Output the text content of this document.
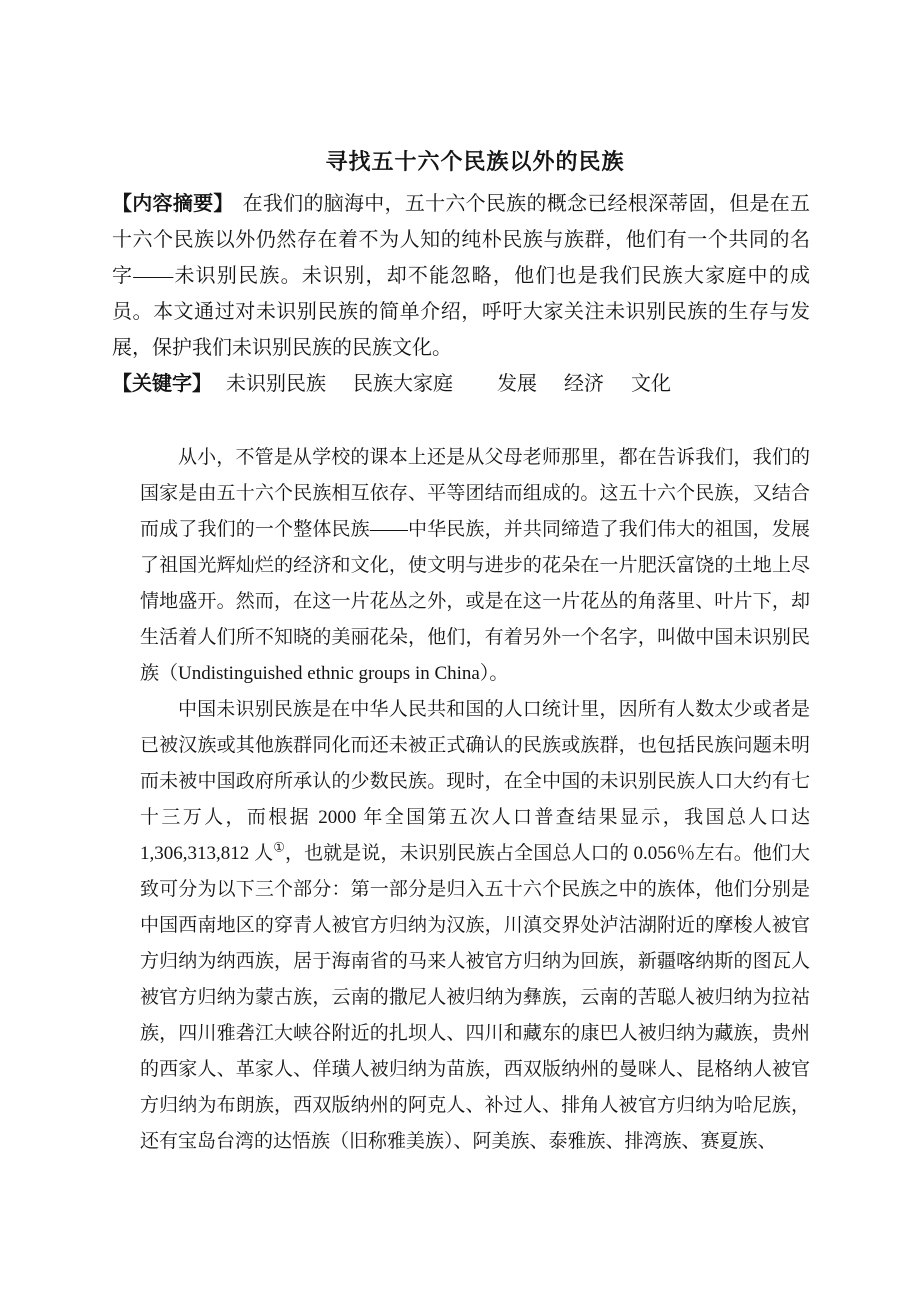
寻找五十六个民族以外的民族

【内容摘要】 在我们的脑海中，五十六个民族的概念已经根深蒂固，但是在五十六个民族以外仍然存在着不为人知的纯朴民族与族群，他们有一个共同的名字——未识别民族。未识别，却不能忽略，他们也是我们民族大家庭中的成员。本文通过对未识别民族的简单介绍，呼吁大家关注未识别民族的生存与发展，保护我们未识别民族的民族文化。

【关键字】 未识别民族 民族大家庭 发展 经济 文化

从小，不管是从学校的课本上还是从父母老师那里，都在告诉我们，我们的国家是由五十六个民族相互依存、平等团结而组成的。这五十六个民族，又结合而成了我们的一个整体民族——中华民族，并共同缔造了我们伟大的祖国，发展了祖国光辉灿烂的经济和文化，使文明与进步的花朵在一片肥沃富饶的土地上尽情地盛开。然而，在这一片花丛之外，或是在这一片花丛的角落里、叶片下，却生活着人们所不知晓的美丽花朵，他们，有着另外一个名字，叫做中国未识别民族（Undistinguished ethnic groups in China）。

中国未识别民族是在中华人民共和国的人口统计里，因所有人数太少或者是已被汉族或其他族群同化而还未被正式确认的民族或族群，也包括民族问题未明而未被中国政府所承认的少数民族。现时，在全中国的未识别民族人口大约有七十三万人，而根据 2000 年全国第五次人口普查结果显示，我国总人口达1,306,313,812 人①，也就是说，未识别民族占全国总人口的 0.056％左右。他们大致可分为以下三个部分：第一部分是归入五十六个民族之中的族体，他们分别是中国西南地区的穿青人被官方归纳为汉族，川滇交界处泸沽湖附近的摩梭人被官方归纳为纳西族，居于海南省的马来人被官方归纳为回族，新疆喀纳斯的图瓦人被官方归纳为蒙古族，云南的撒尼人被归纳为彝族，云南的苦聪人被归纳为拉祜族，四川雅砻江大峡谷附近的扎坝人、四川和藏东的康巴人被归纳为藏族，贵州的西家人、革家人、佯璜人被归纳为苗族，西双版纳州的曼咪人、昆格纳人被官方归纳为布朗族，西双版纳州的阿克人、补过人、排角人被官方归纳为哈尼族，还有宝岛台湾的达悟族（旧称雅美族）、阿美族、泰雅族、排湾族、赛夏族、
